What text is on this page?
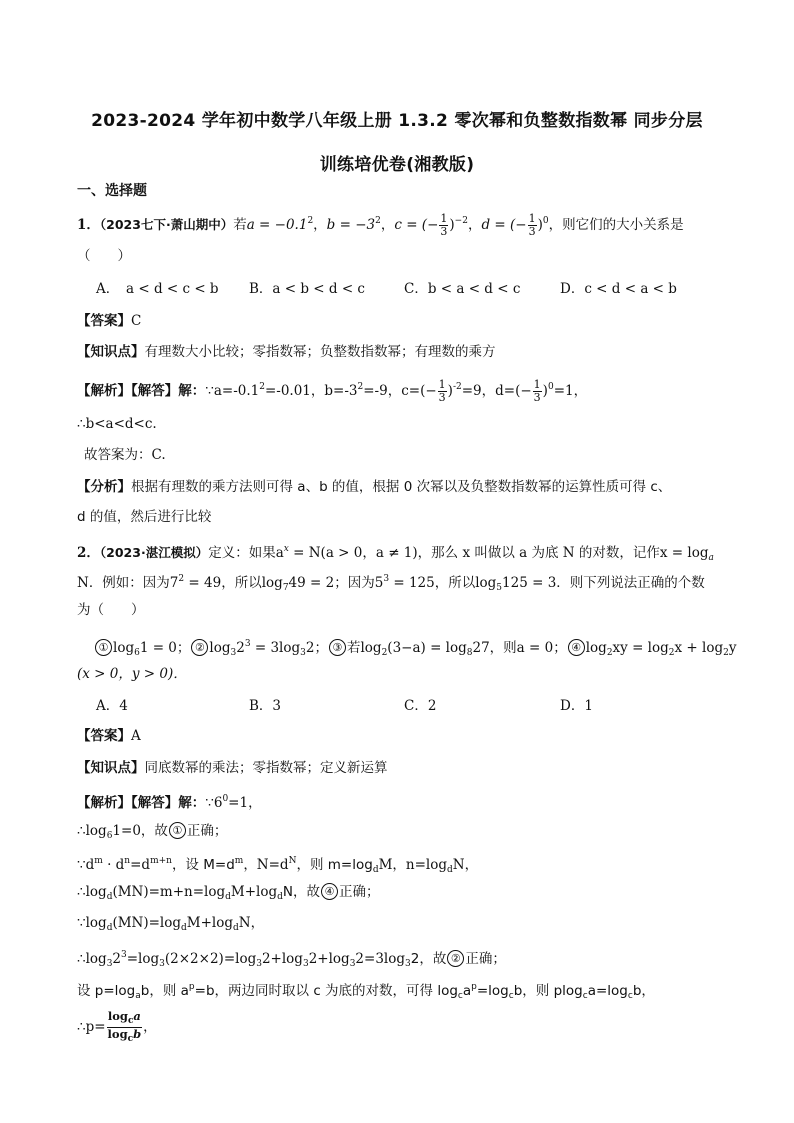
2023-2024 学年初中数学八年级上册 1.3.2 零次幂和负整数指数幂 同步分层
训练培优卷(湘教版)
一、选择题
1．（2023七下·萧山期中）若$a = -0.1^2$，$b = -3^2$，c = (− $\frac{1}{3} )^{-2}$，d = (− $\frac{1}{3} )^0$，则它们的大小关系是
（　　）
A．　a < d < c < b B．a < b < d < c	C．b < a < d < c	D．c < d < a < b
【答案】C
【知识点】有理数大小比较；零指数幂；负整数指数幂；有理数的乘方
【解析】【解答】解：$\because a=-0.1^2=-0.01$，$b=-3^2=-9$，$c=(- \frac{1}{3} )^{-2}=9$，$d=(- \frac{1}{3} )^0=1$，
∴b<a<d<c.
故答案为：C.
【分析】根据有理数的乘方法则可得 a、b 的值，根据 0 次幂以及负整数指数幂的运算性质可得 c、
d 的值，然后进行比较
2．（2023·湛江模拟）定义：如果$a^x = N(a > 0$，a ≠ 1)，那么 x 叫做以 a 为底 N 的对数，记作$x = \log_a$
N．例如：因为$7^2 = 49$，所以$\log_749 = 2$；因为$5^3 = 125$，所以$\log_5125 = 3$．则下列说法正确的个数
为（　　）
① $\log_61 = 0$； ② $\log_32^3 = 3\log_32$； ③ 若$\log_2(3-a) = \log_827$，则a = 0； ④ $\log_2xy = \log_2x + \log_2y$
(x > 0，y > 0)．
A．4	B．3	C．2	D．1
【答案】A
【知识点】同底数幂的乘法；零指数幂；定义新运算
【解析】【解答】解：$\because 6^0=1$，
$\therefore\log_61=0$，故 ① 正确；
$\because d^m \cdot d^n=d^{m+n}$，设 $M=d^m$，$N=d^N$，则 $m=\log_dM$，$n=\log_dN$，
$\therefore\log_d(MN)=m+n=\log_dM+\log_dN$，故 ④ 正确；
$\because\log_d(MN)=\log_dM+\log_dN$，
$\therefore\log_32^3=\log_3(2\times 2\times 2)=\log_32+\log_32+\log_32=3\log_32$，故 ② 正确；
设 $p=\log_ab$，则 $a^p=b$，两边同时取以 c 为底的对数，可得 $\log_ca^p=\log_cb$，则 $plog_ca=\log_cb$，
∴p= $\frac{\log_ca}{\log_cb}$ ，
